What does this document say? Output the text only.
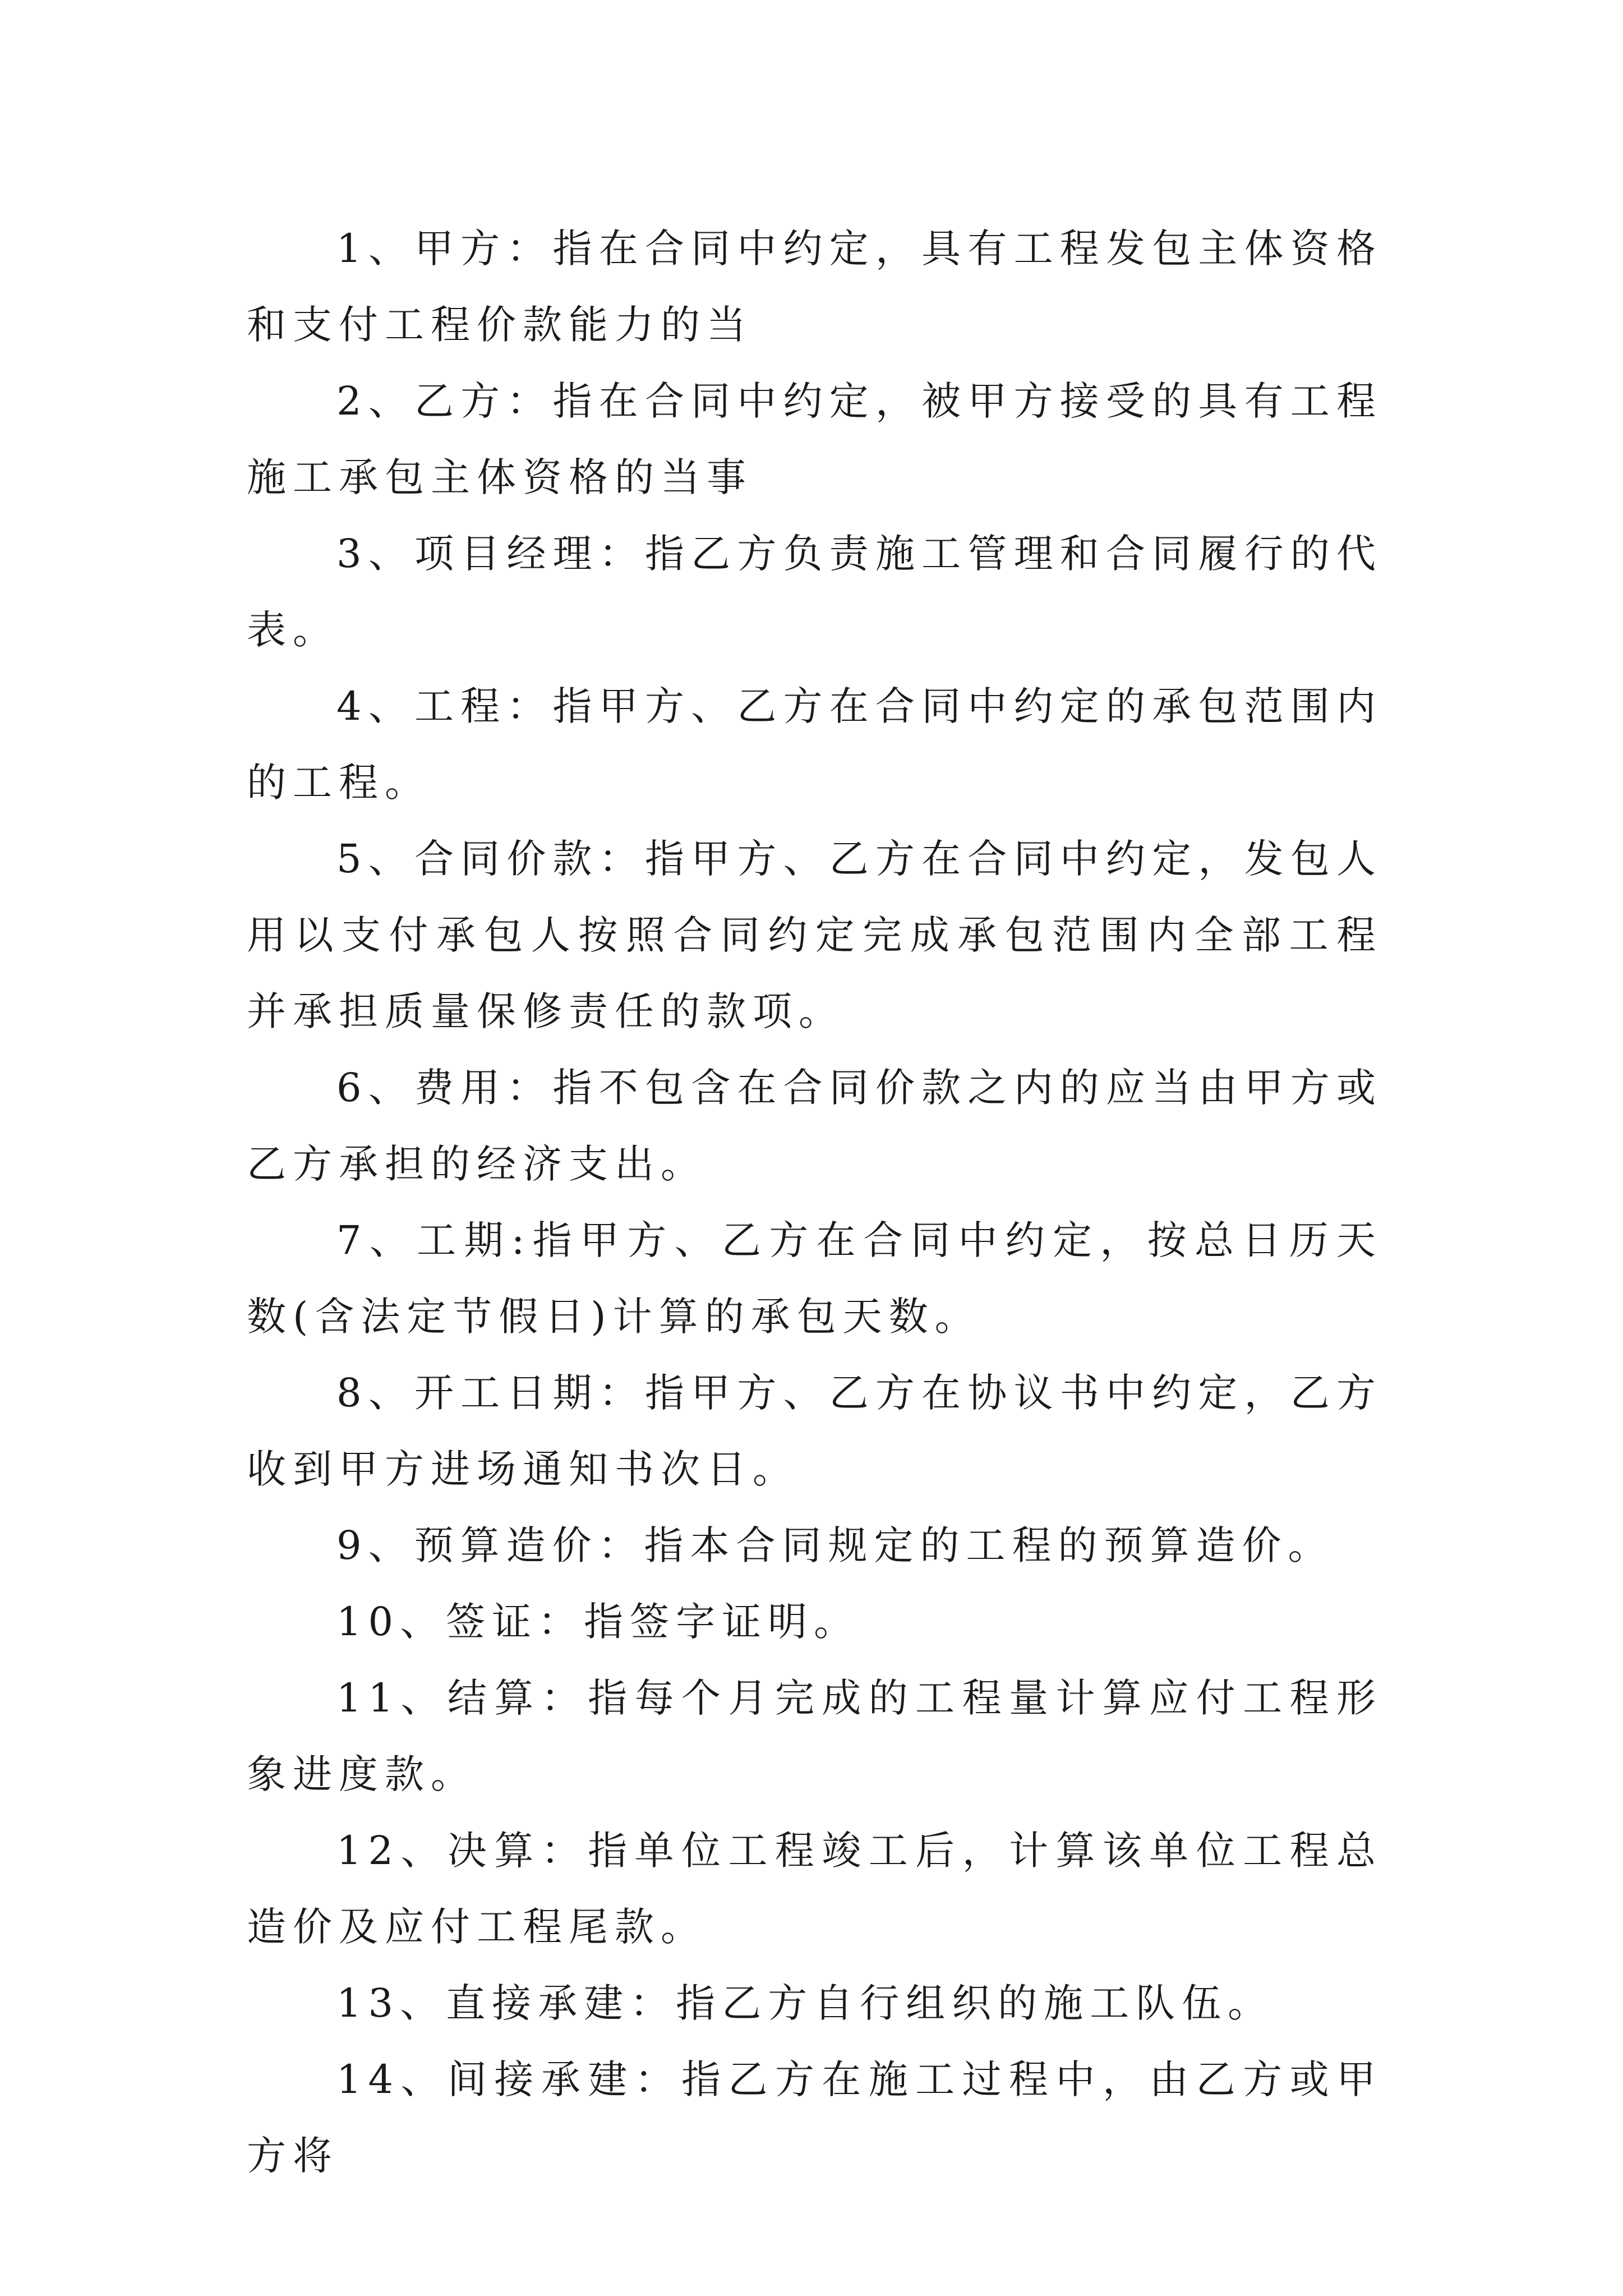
1、甲方：指在合同中约定，具有工程发包主体资格和支付工程价款能力的当

2、乙方：指在合同中约定，被甲方接受的具有工程施工承包主体资格的当事

3、项目经理：指乙方负责施工管理和合同履行的代表。

4、工程：指甲方、乙方在合同中约定的承包范围内的工程。

5、合同价款：指甲方、乙方在合同中约定，发包人用以支付承包人按照合同约定完成承包范围内全部工程并承担质量保修责任的款项。

6、费用：指不包含在合同价款之内的应当由甲方或乙方承担的经济支出。

7、工期:指甲方、乙方在合同中约定，按总日历天数(含法定节假日)计算的承包天数。

8、开工日期：指甲方、乙方在协议书中约定，乙方收到甲方进场通知书次日。

9、预算造价：指本合同规定的工程的预算造价。

10、签证：指签字证明。

11、结算：指每个月完成的工程量计算应付工程形象进度款。

12、决算：指单位工程竣工后，计算该单位工程总造价及应付工程尾款。

13、直接承建：指乙方自行组织的施工队伍。

14、间接承建：指乙方在施工过程中，由乙方或甲方将
